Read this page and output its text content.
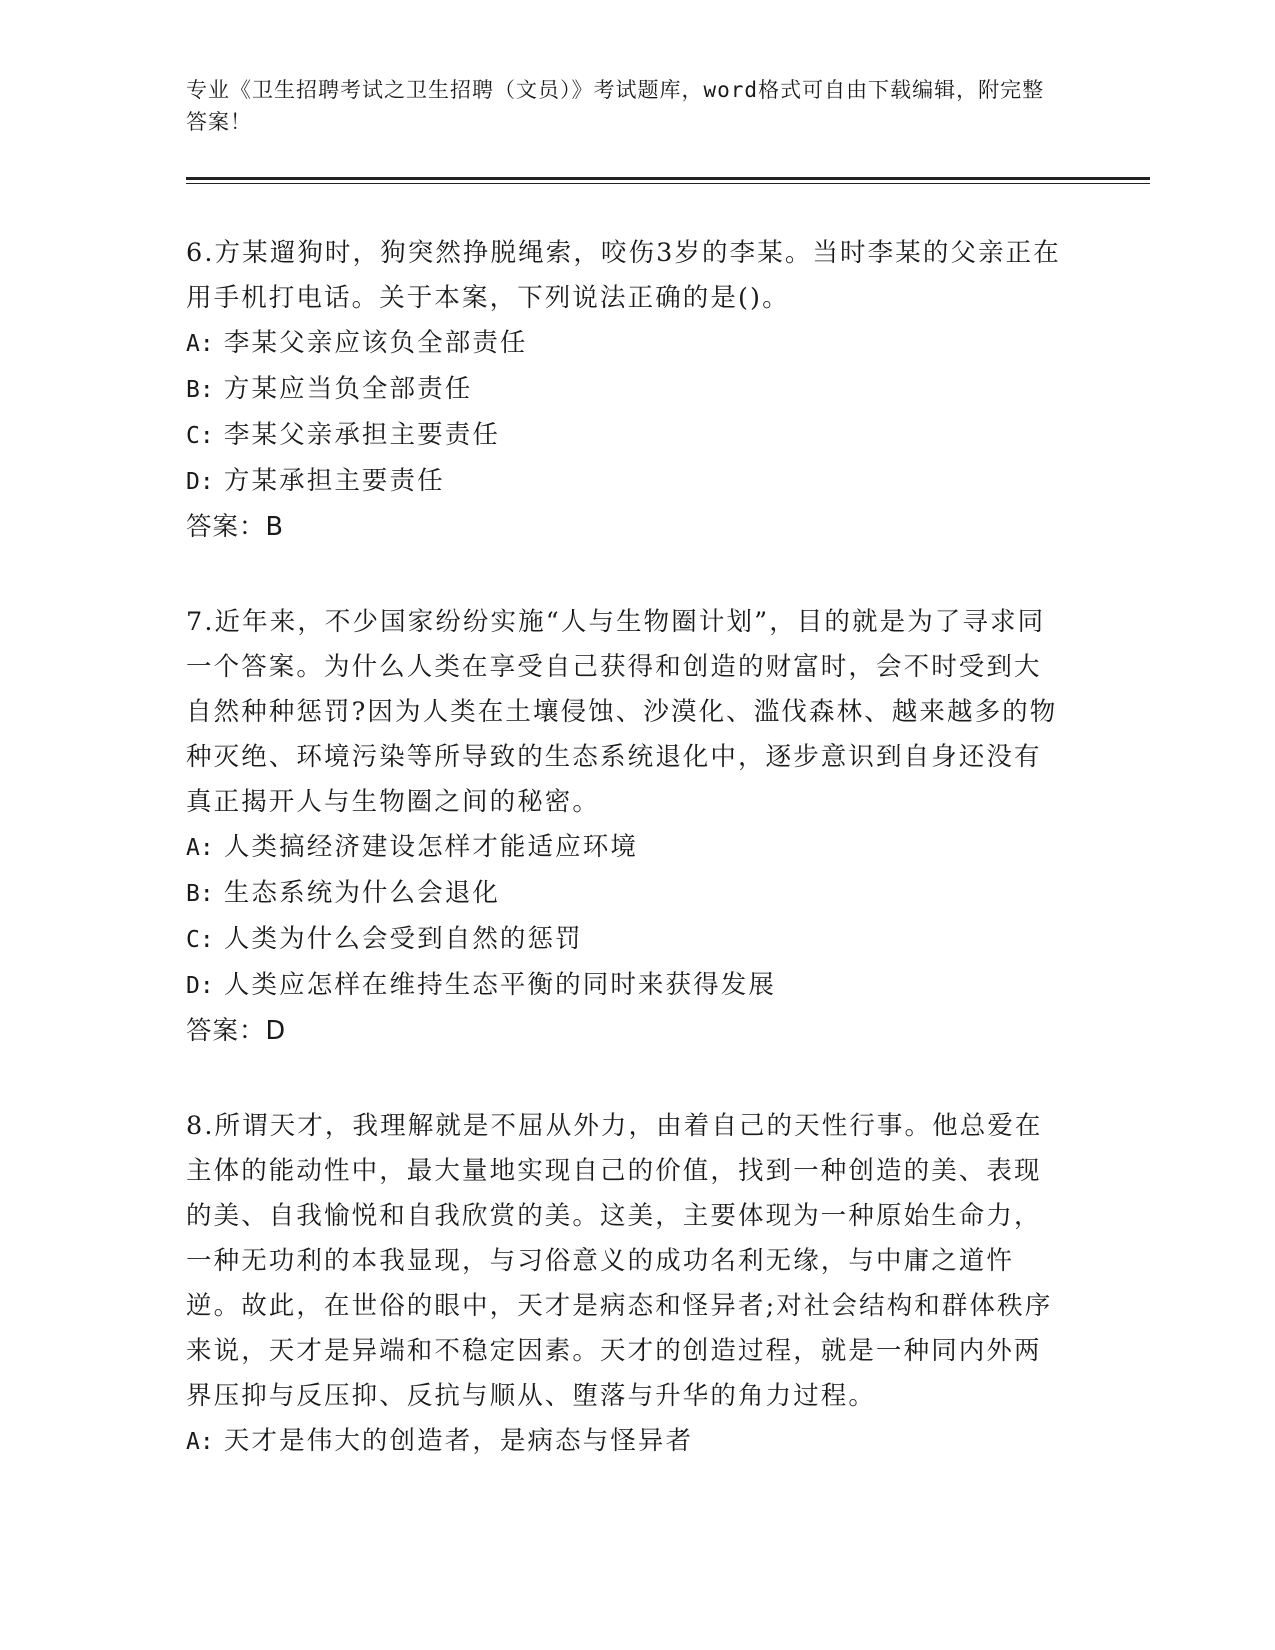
专业《卫生招聘考试之卫生招聘（文员）》考试题库，word格式可自由下载编辑，附完整答案！

6.方某遛狗时，狗突然挣脱绳索，咬伤3岁的李某。当时李某的父亲正在用手机打电话。关于本案，下列说法正确的是()。

A: 李某父亲应该负全部责任

B: 方某应当负全部责任

C: 李某父亲承担主要责任

D: 方某承担主要责任

答案：B

7.近年来，不少国家纷纷实施“人与生物圈计划”，目的就是为了寻求同一个答案。为什么人类在享受自己获得和创造的财富时，会不时受到大自然种种惩罚?因为人类在土壤侵蚀、沙漠化、滥伐森林、越来越多的物种灭绝、环境污染等所导致的生态系统退化中，逐步意识到自身还没有真正揭开人与生物圈之间的秘密。

A: 人类搞经济建设怎样才能适应环境

B: 生态系统为什么会退化

C: 人类为什么会受到自然的惩罚

D: 人类应怎样在维持生态平衡的同时来获得发展

答案：D

8.所谓天才，我理解就是不屈从外力，由着自己的天性行事。他总爱在主体的能动性中，最大量地实现自己的价值，找到一种创造的美、表现的美、自我愉悦和自我欣赏的美。这美，主要体现为一种原始生命力，一种无功利的本我显现，与习俗意义的成功名利无缘，与中庸之道忤逆。故此，在世俗的眼中，天才是病态和怪异者;对社会结构和群体秩序来说，天才是异端和不稳定因素。天才的创造过程，就是一种同内外两界压抑与反压抑、反抗与顺从、堕落与升华的角力过程。

A: 天才是伟大的创造者，是病态与怪异者
